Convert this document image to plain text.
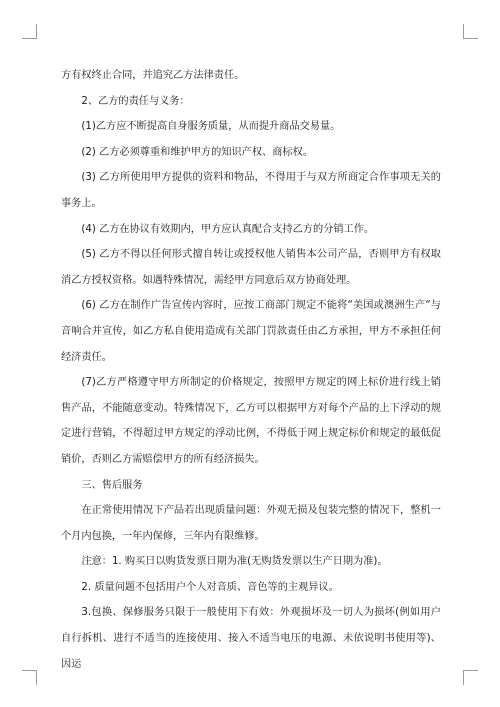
方有权终止合同，并追究乙方法律责任。

2、乙方的责任与义务：

(1)乙方应不断提高自身服务质量，从而提升商品交易量。

(2) 乙方必须尊重和维护甲方的知识产权、商标权。

(3) 乙方所使用甲方提供的资料和物品，不得用于与双方所商定合作事项无关的事务上。

(4) 乙方在协议有效期内，甲方应认真配合支持乙方的分销工作。

(5) 乙方不得以任何形式擅自转让或授权他人销售本公司产品，否则甲方有权取消乙方授权资格。如遇特殊情况，需经甲方同意后双方协商处理。

(6) 乙方在制作广告宣传内容时，应按工商部门规定不能将“美国或澳洲生产“与音响合并宣传，如乙方私自使用造成有关部门罚款责任由乙方承担，甲方不承担任何经济责任。

(7)乙方严格遵守甲方所制定的价格规定，按照甲方规定的网上标价进行线上销售产品，不能随意变动。特殊情况下，乙方可以根据甲方对每个产品的上下浮动的规定进行营销，不得超过甲方规定的浮动比例，不得低于网上规定标价和规定的最低促销价，否则乙方需赔偿甲方的所有经济损失。

三、售后服务

在正常使用情况下产品若出现质量问题：外观无损及包装完整的情况下，整机一个月内包换，一年内保修，三年内有限维修。

注意：1. 购买日以购货发票日期为准(无购货发票以生产日期为准)。

2. 质量问题不包括用户个人对音质、音色等的主观异议。

3.包换、保修服务只限于一般使用下有效：外观损坏及一切人为损坏(例如用户自行拆机、进行不适当的连接使用、接入不适当电压的电源、未依说明书使用等)、因运
